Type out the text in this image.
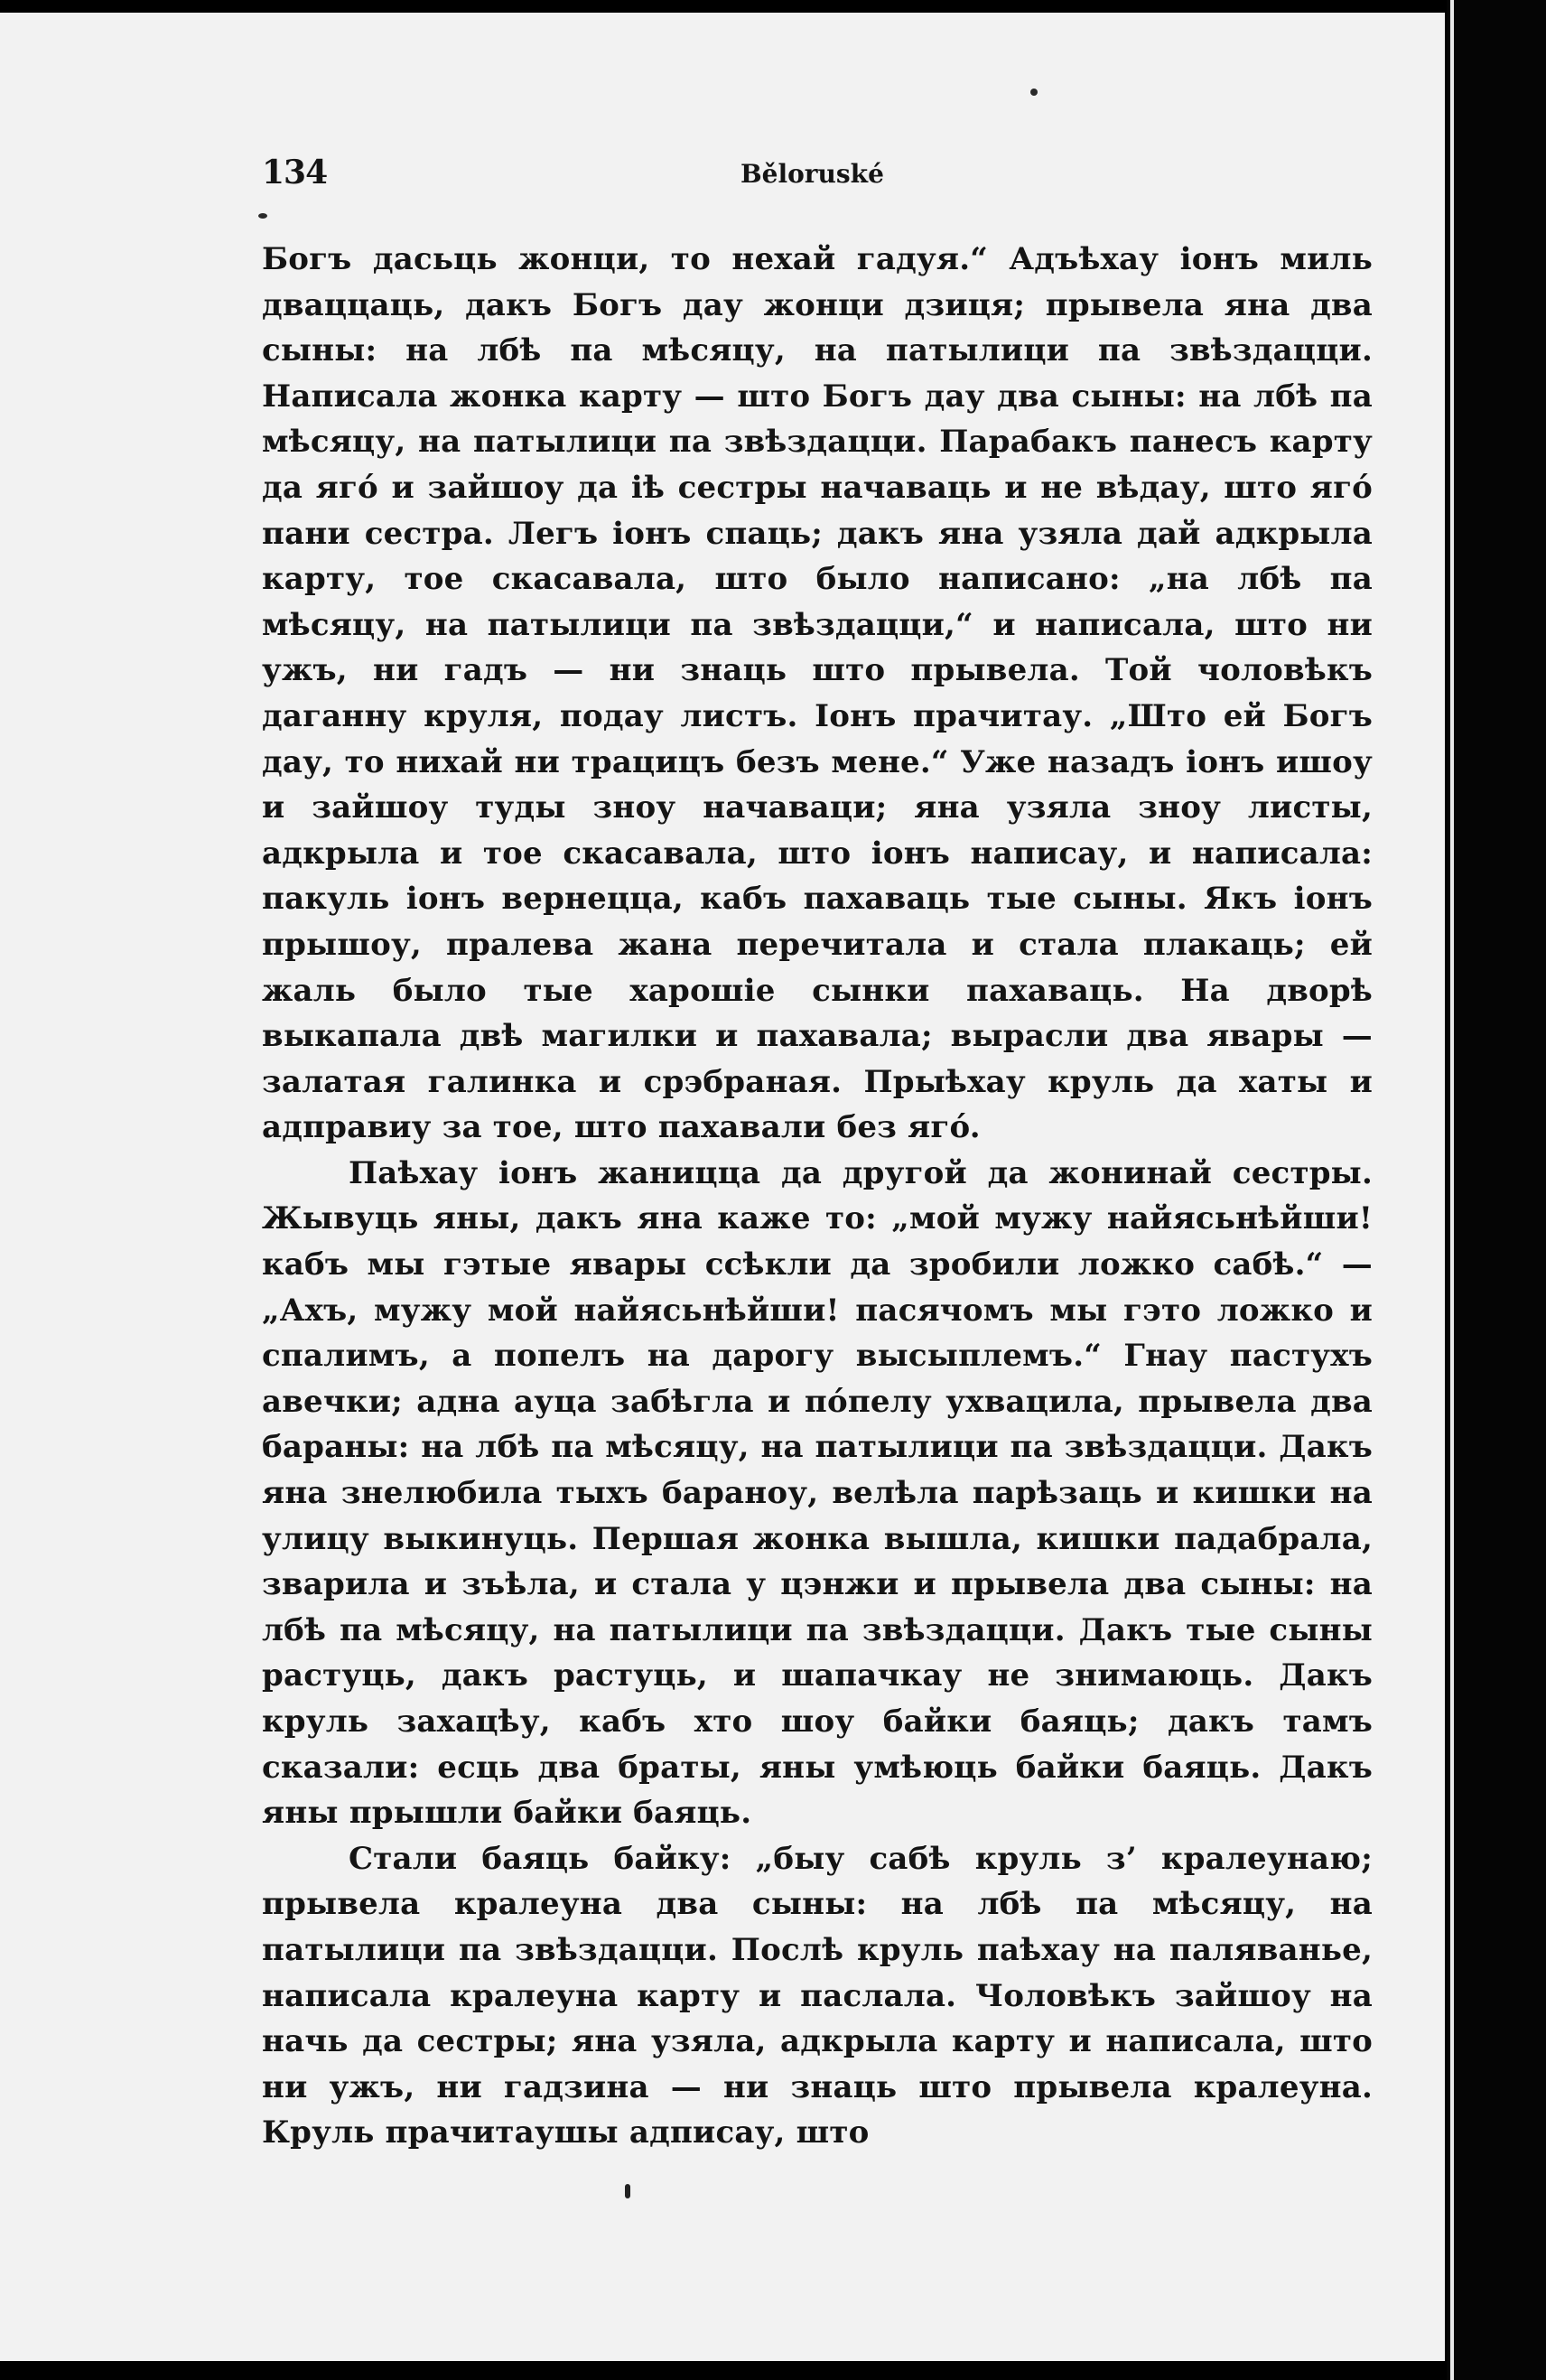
134	Běloruské

Богъ дасьць жонци, то нехай гадуя.“ Адъѣхау іонъ миль дваццаць, дакъ Богъ дау жонци дзиця; прывела яна два сыны: на лбѣ па мѣсяцу, на патылици па звѣздацци. Написала жонка карту — што Богъ дау два сыны: на лбѣ па мѣсяцу, на патылици па звѣздацци. Парабакъ панесъ карту да ягó и зайшоу да іѣ сестры начаваць и не вѣдау, што ягó пани сестра. Легъ іонъ спаць; дакъ яна узяла дай адкрыла карту, тое скасавала, што было написано: „на лбѣ па мѣсяцу, на патылици па звѣздацци,“ и написала, што ни ужъ, ни гадъ — ни знаць што прывела. Той чоловѣкъ даганну круля, подау листъ. Іонъ прачитау. „Што ей Богъ дау, то нихай ни трацицъ безъ мене.“ Уже назадъ іонъ ишоу и зайшоу туды зноу начаваци; яна узяла зноу листы, адкрыла и тое скасавала, што іонъ написау, и написала: пакуль іонъ вернецца, кабъ пахаваць тые сыны. Якъ іонъ прышоу, пралева жана перечитала и стала плакаць; ей жаль было тые харошіе сынки пахаваць. На дворѣ выкапала двѣ магилки и пахавала; вырасли два явары — залатая галинка и срэбраная. Прыѣхау круль да хаты и адправиу за тое, што пахавали без ягó.

Паѣхау іонъ жаницца да другой да жонинай сестры. Жывуць яны, дакъ яна каже то: „мой мужу найясьнѣйши! кабъ мы гэтые явары ссѣкли да зробили ложко сабѣ.“ — „Ахъ, мужу мой найясьнѣйши! пасячомъ мы гэто ложко и спалимъ, а попелъ на дарогу высыплемъ.“ Гнау пастухъ авечки; адна ауца забѣгла и пóпелу ухвацила, прывела два бараны: на лбѣ па мѣсяцу, на патылици па звѣздацци. Дакъ яна знелюбила тыхъ бараноу, велѣла парѣзаць и кишки на улицу выкинуць. Першая жонка вышла, кишки падабрала, зварила и зъѣла, и стала у цэнжи и прывела два сыны: на лбѣ па мѣсяцу, на патылици па звѣздацци. Дакъ тые сыны растуць, дакъ растуць, и шапачкау не знимаюць. Дакъ круль захацѣу, кабъ хто шоу байки баяць; дакъ тамъ сказали: есць два браты, яны умѣюць байки баяць. Дакъ яны прышли байки баяць.

Стали баяць байку: „быу сабѣ круль з’ кралеунаю; прывела кралеуна два сыны: на лбѣ па мѣсяцу, на патылици па звѣздацци. Послѣ круль паѣхау на паляванье, написала кралеуна карту и паслала. Чоловѣкъ зайшоу на начь да сестры; яна узяла, адкрыла карту и написала, што ни ужъ, ни гадзина — ни знаць што прывела кралеуна. Круль прачитаушы адписау, што
